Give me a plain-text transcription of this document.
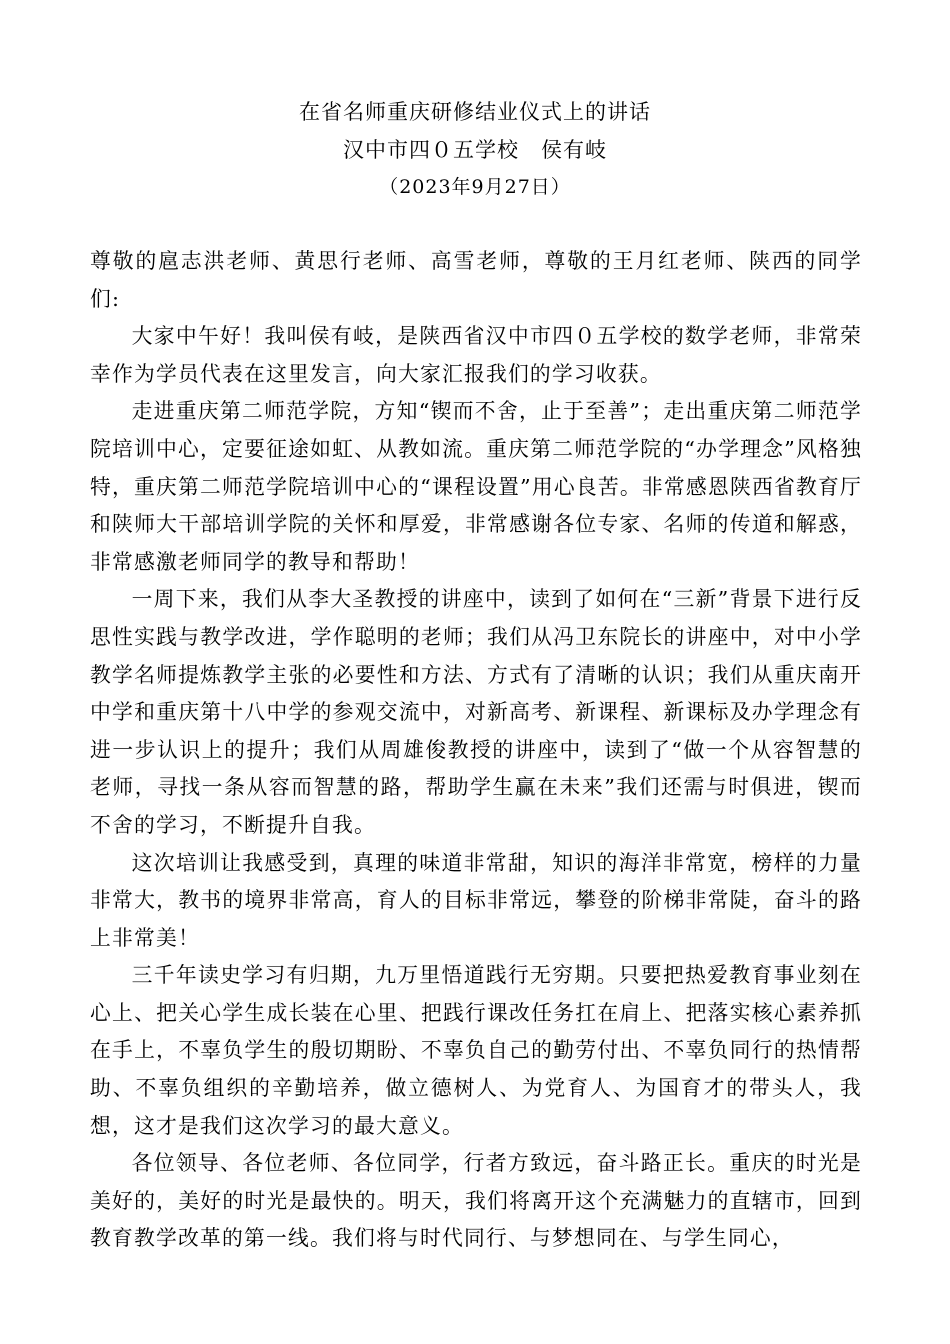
在省名师重庆研修结业仪式上的讲话
汉中市四０五学校　侯有岐
（2023年9月27日）

尊敬的扈志洪老师、黄思行老师、高雪老师，尊敬的王月红老师、陕西的同学们:

大家中午好！我叫侯有岐，是陕西省汉中市四０五学校的数学老师，非常荣幸作为学员代表在这里发言，向大家汇报我们的学习收获。

走进重庆第二师范学院，方知“锲而不舍，止于至善”；走出重庆第二师范学院培训中心，定要征途如虹、从教如流。重庆第二师范学院的“办学理念”风格独特，重庆第二师范学院培训中心的“课程设置”用心良苦。非常感恩陕西省教育厅和陕师大干部培训学院的关怀和厚爱，非常感谢各位专家、名师的传道和解惑，非常感激老师同学的教导和帮助！

一周下来，我们从李大圣教授的讲座中，读到了如何在“三新”背景下进行反思性实践与教学改进，学作聪明的老师；我们从冯卫东院长的讲座中，对中小学教学名师提炼教学主张的必要性和方法、方式有了清晰的认识；我们从重庆南开中学和重庆第十八中学的参观交流中，对新高考、新课程、新课标及办学理念有进一步认识上的提升；我们从周雄俊教授的讲座中，读到了“做一个从容智慧的老师，寻找一条从容而智慧的路，帮助学生赢在未来”我们还需与时俱进，锲而不舍的学习，不断提升自我。

这次培训让我感受到，真理的味道非常甜，知识的海洋非常宽，榜样的力量非常大，教书的境界非常高，育人的目标非常远，攀登的阶梯非常陡，奋斗的路上非常美！

三千年读史学习有归期，九万里悟道践行无穷期。只要把热爱教育事业刻在心上、把关心学生成长装在心里、把践行课改任务扛在肩上、把落实核心素养抓在手上，不辜负学生的殷切期盼、不辜负自己的勤劳付出、不辜负同行的热情帮助、不辜负组织的辛勤培养，做立德树人、为党育人、为国育才的带头人，我想，这才是我们这次学习的最大意义。

各位领导、各位老师、各位同学，行者方致远，奋斗路正长。重庆的时光是美好的，美好的时光是最快的。明天，我们将离开这个充满魅力的直辖市，回到教育教学改革的第一线。我们将与时代同行、与梦想同在、与学生同心，
